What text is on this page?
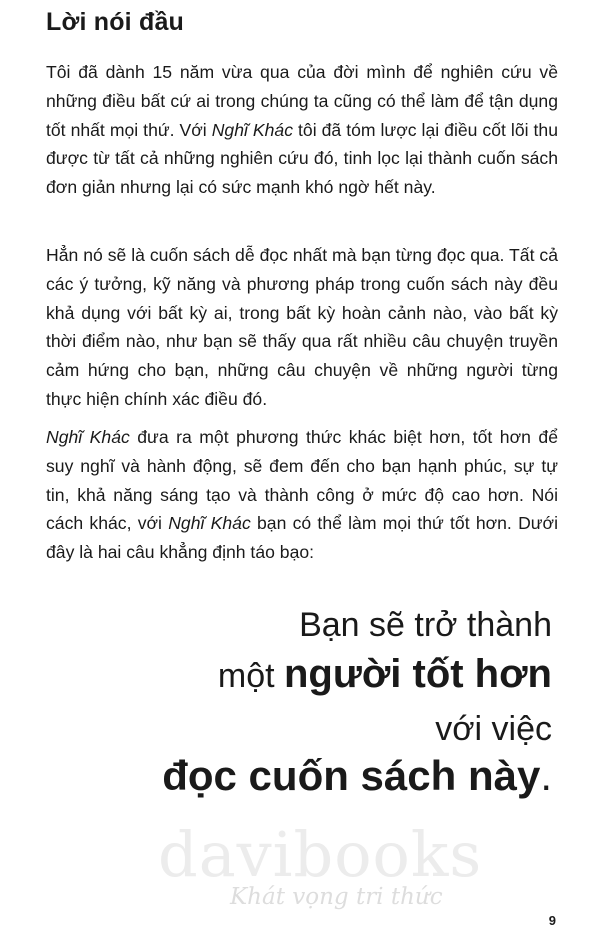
Lời nói đầu

Tôi đã dành 15 năm vừa qua của đời mình để nghiên cứu về những điều bất cứ ai trong chúng ta cũng có thể làm để tận dụng tốt nhất mọi thứ. Với Nghĩ Khác tôi đã tóm lược lại điều cốt lõi thu được từ tất cả những nghiên cứu đó, tinh lọc lại thành cuốn sách đơn giản nhưng lại có sức mạnh khó ngờ hết này.

Hẳn nó sẽ là cuốn sách dễ đọc nhất mà bạn từng đọc qua. Tất cả các ý tưởng, kỹ năng và phương pháp trong cuốn sách này đều khả dụng với bất kỳ ai, trong bất kỳ hoàn cảnh nào, vào bất kỳ thời điểm nào, như bạn sẽ thấy qua rất nhiều câu chuyện truyền cảm hứng cho bạn, những câu chuyện về những người từng thực hiện chính xác điều đó.

Nghĩ Khác đưa ra một phương thức khác biệt hơn, tốt hơn để suy nghĩ và hành động, sẽ đem đến cho bạn hạnh phúc, sự tự tin, khả năng sáng tạo và thành công ở mức độ cao hơn. Nói cách khác, với Nghĩ Khác bạn có thể làm mọi thứ tốt hơn. Dưới đây là hai câu khẳng định táo bạo:

Bạn sẽ trở thành

một người tốt hơn

với việc

đọc cuốn sách này.

davibooks
Khát vọng tri thức
9
